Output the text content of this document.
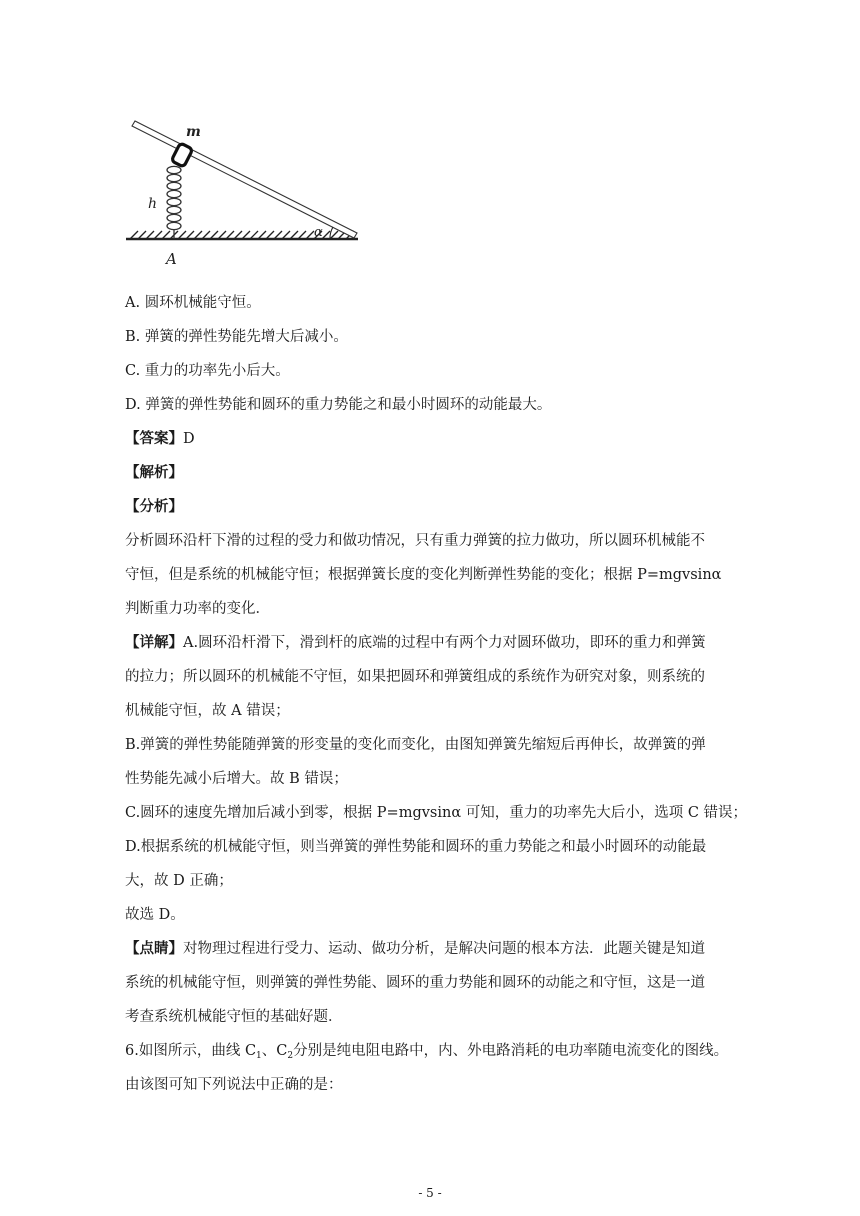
m
h
α
A
A. 圆环机械能守恒。
B. 弹簧的弹性势能先增大后减小。
C. 重力的功率先小后大。
D. 弹簧的弹性势能和圆环的重力势能之和最小时圆环的动能最大。
【答案】D
【解析】
【分析】
分析圆环沿杆下滑的过程的受力和做功情况，只有重力弹簧的拉力做功，所以圆环机械能不
守恒，但是系统的机械能守恒；根据弹簧长度的变化判断弹性势能的变化；根据 P=mgvsinα
判断重力功率的变化．
【详解】A.圆环沿杆滑下，滑到杆的底端的过程中有两个力对圆环做功，即环的重力和弹簧
的拉力；所以圆环的机械能不守恒，如果把圆环和弹簧组成的系统作为研究对象，则系统的
机械能守恒，故 A 错误；
B.弹簧的弹性势能随弹簧的形变量的变化而变化，由图知弹簧先缩短后再伸长，故弹簧的弹
性势能先减小后增大。故 B 错误；
C.圆环的速度先增加后减小到零，根据 P=mgvsinα 可知，重力的功率先大后小，选项 C 错误；
D.根据系统的机械能守恒，则当弹簧的弹性势能和圆环的重力势能之和最小时圆环的动能最
大，故 D 正确；
故选 D。
【点睛】对物理过程进行受力、运动、做功分析，是解决问题的根本方法．此题关键是知道
系统的机械能守恒，则弹簧的弹性势能、圆环的重力势能和圆环的动能之和守恒，这是一道
考查系统机械能守恒的基础好题．
6.如图所示，曲线 $C_1$、$C_2$分别是纯电阻电路中，内、外电路消耗的电功率随电流变化的图线。
由该图可知下列说法中正确的是：
- 5 -
